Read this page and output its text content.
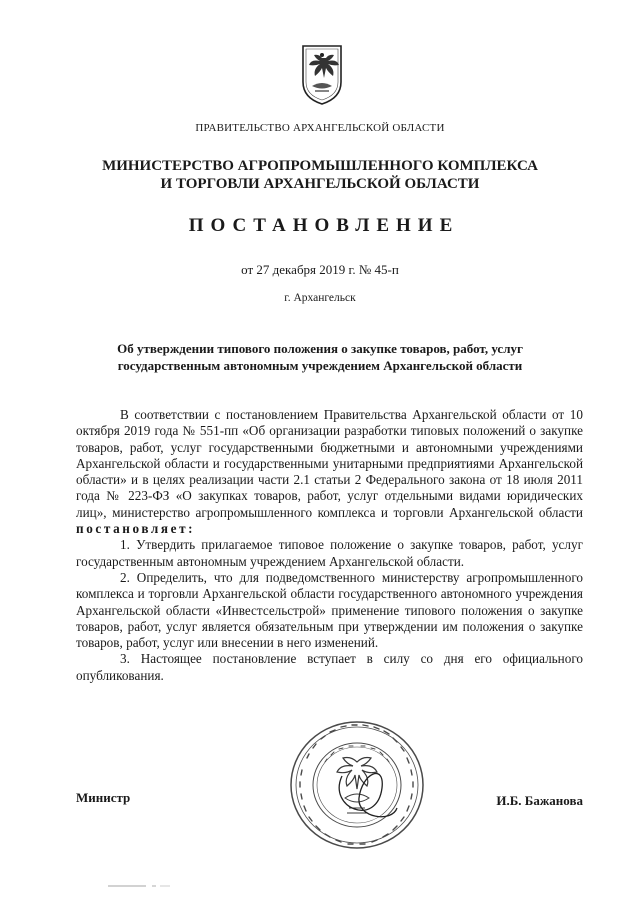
ПРАВИТЕЛЬСТВО АРХАНГЕЛЬСКОЙ ОБЛАСТИ
МИНИСТЕРСТВО АГРОПРОМЫШЛЕННОГО КОМПЛЕКСА
И ТОРГОВЛИ АРХАНГЕЛЬСКОЙ ОБЛАСТИ
ПОСТАНОВЛЕНИЕ
от 27 декабря 2019 г. № 45-п
г. Архангельск
Об утверждении типового положения о закупке товаров, работ, услуг
государственным автономным учреждением Архангельской области

В соответствии с постановлением Правительства Архангельской области от 10 октября 2019 года № 551-пп «Об организации разработки типовых положений о закупке товаров, работ, услуг государственными бюджетными и автономными учреждениями Архангельской области и государственными унитарными предприятиями Архангельской области» и в целях реализации части 2.1 статьи 2 Федерального закона от 18 июля 2011 года № 223-ФЗ «О закупках товаров, работ, услуг отдельными видами юридических лиц», министерство агропромышленного комплекса и торговли Архангельской области постановляет:

1. Утвердить прилагаемое типовое положение о закупке товаров, работ, услуг государственным автономным учреждением Архангельской области.

2. Определить, что для подведомственного министерству агропромышленного комплекса и торговли Архангельской области государственного автономного учреждения Архангельской области «Инвестсельстрой» применение типового положения о закупке товаров, работ, услуг является обязательным при утверждении им положения о закупке товаров, работ, услуг или внесении в него изменений.

3. Настоящее постановление вступает в силу со дня его официального опубликования.

Министр	И.Б. Бажанова
